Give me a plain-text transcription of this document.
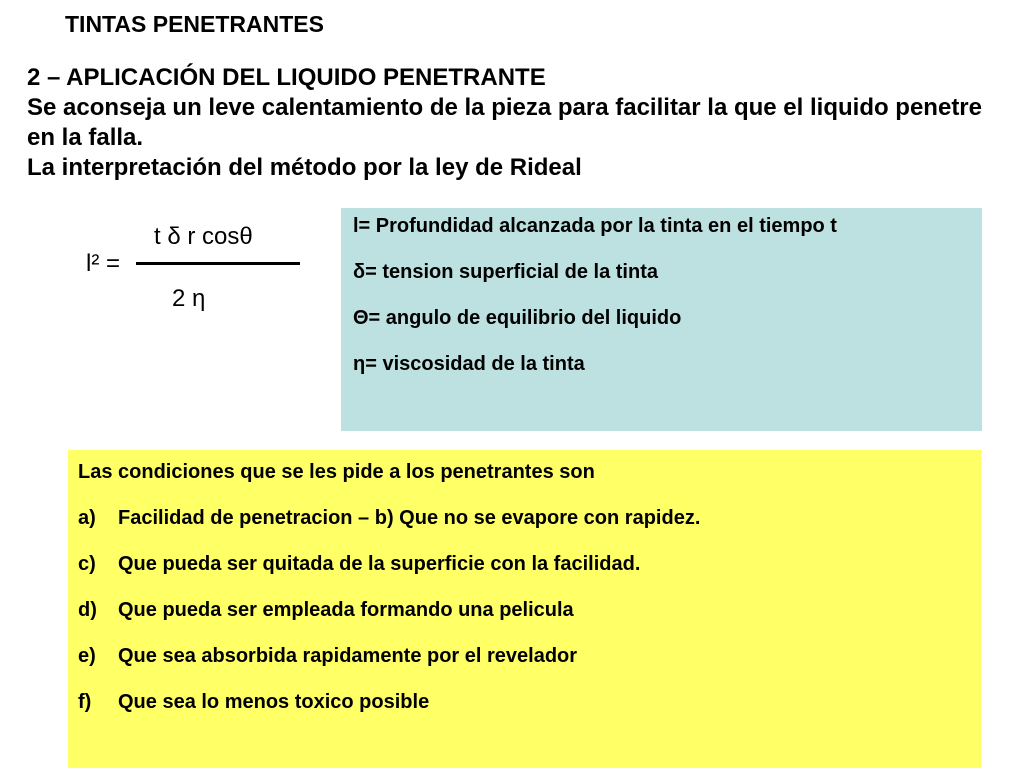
TINTAS PENETRANTES

2 – APLICACIÓN DEL LIQUIDO PENETRANTE

Se aconseja un leve calentamiento de la pieza para facilitar la que el liquido penetre en la falla.

La interpretación del método por la ley de Rideal

l² =
t δ r cosθ
2 η
l= Profundidad alcanzada por la tinta en el tiempo t
δ= tension superficial de la tinta
Θ= angulo de equilibrio del liquido
η= viscosidad de la tinta
Las condiciones que se les pide a los penetrantes son
a)	Facilidad de penetracion – b) Que no se evapore con rapidez.
c)	Que pueda ser quitada de la superficie con la facilidad.
d)	Que pueda ser empleada formando una pelicula
e)	Que sea absorbida rapidamente por el revelador
f)	Que sea lo menos toxico posible
